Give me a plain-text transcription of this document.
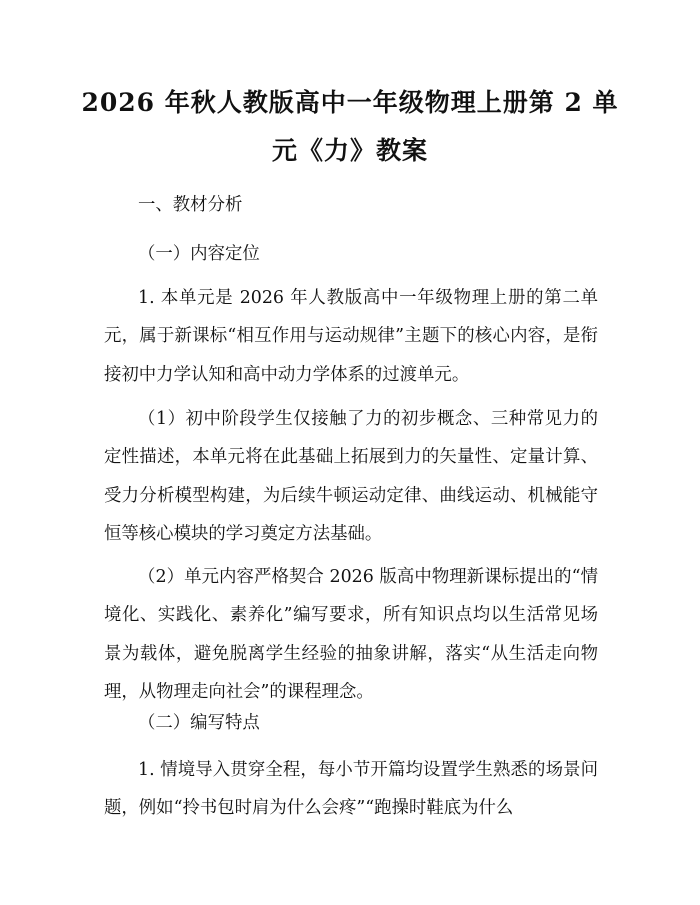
2026 年秋人教版高中一年级物理上册第 2 单
元《力》教案

一、教材分析

（一）内容定位

1. 本单元是 2026 年人教版高中一年级物理上册的第二单元，属于新课标“相互作用与运动规律”主题下的核心内容，是衔接初中力学认知和高中动力学体系的过渡单元。

（1）初中阶段学生仅接触了力的初步概念、三种常见力的定性描述，本单元将在此基础上拓展到力的矢量性、定量计算、受力分析模型构建，为后续牛顿运动定律、曲线运动、机械能守恒等核心模块的学习奠定方法基础。

（2）单元内容严格契合 2026 版高中物理新课标提出的“情境化、实践化、素养化”编写要求，所有知识点均以生活常见场景为载体，避免脱离学生经验的抽象讲解，落实“从生活走向物理，从物理走向社会”的课程理念。

（二）编写特点

1. 情境导入贯穿全程，每小节开篇均设置学生熟悉的场景问题，例如“拎书包时肩为什么会疼”“跑操时鞋底为什么
